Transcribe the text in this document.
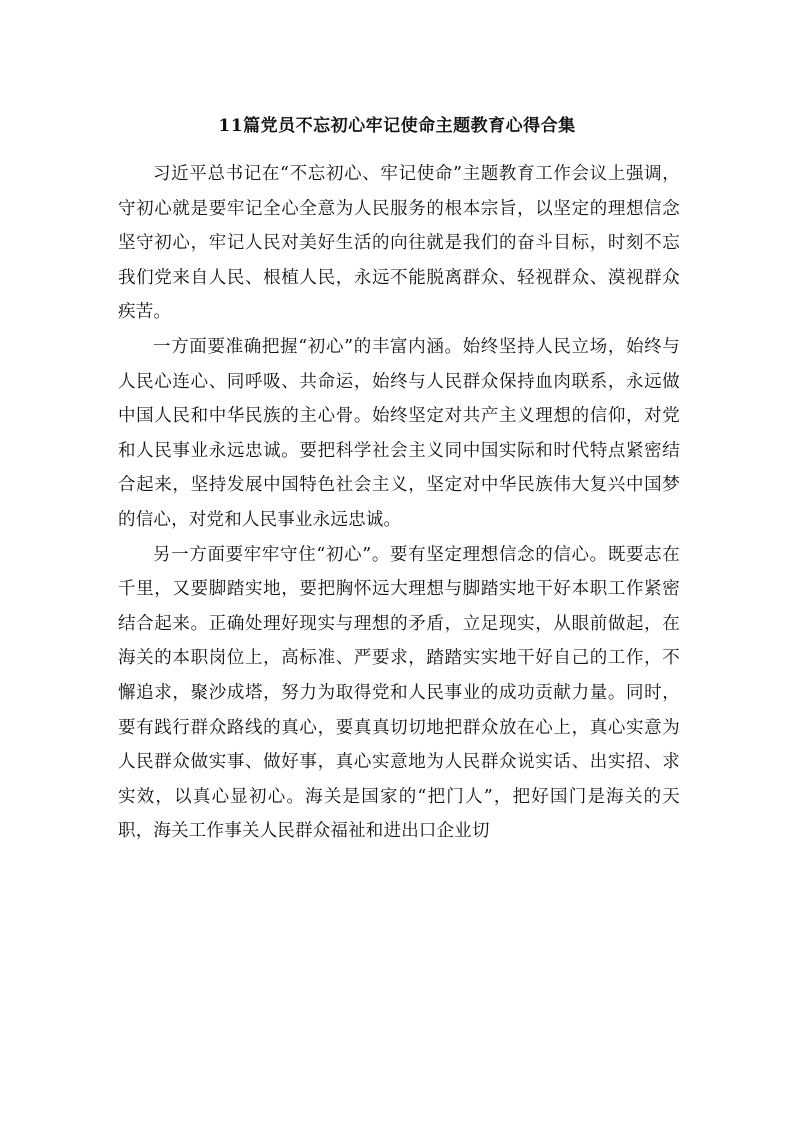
11篇党员不忘初心牢记使命主题教育心得合集

习近平总书记在“不忘初心、牢记使命”主题教育工作会议上强调，守初心就是要牢记全心全意为人民服务的根本宗旨，以坚定的理想信念坚守初心，牢记人民对美好生活的向往就是我们的奋斗目标，时刻不忘我们党来自人民、根植人民，永远不能脱离群众、轻视群众、漠视群众疾苦。

一方面要准确把握“初心”的丰富内涵。始终坚持人民立场，始终与人民心连心、同呼吸、共命运，始终与人民群众保持血肉联系，永远做中国人民和中华民族的主心骨。始终坚定对共产主义理想的信仰，对党和人民事业永远忠诚。要把科学社会主义同中国实际和时代特点紧密结合起来，坚持发展中国特色社会主义，坚定对中华民族伟大复兴中国梦的信心，对党和人民事业永远忠诚。

另一方面要牢牢守住“初心”。要有坚定理想信念的信心。既要志在千里，又要脚踏实地，要把胸怀远大理想与脚踏实地干好本职工作紧密结合起来。正确处理好现实与理想的矛盾，立足现实，从眼前做起，在海关的本职岗位上，高标准、严要求，踏踏实实地干好自己的工作，不懈追求，聚沙成塔，努力为取得党和人民事业的成功贡献力量。同时，要有践行群众路线的真心，要真真切切地把群众放在心上，真心实意为人民群众做实事、做好事，真心实意地为人民群众说实话、出实招、求实效，以真心显初心。海关是国家的“把门人”，把好国门是海关的天职，海关工作事关人民群众福祉和进出口企业切
